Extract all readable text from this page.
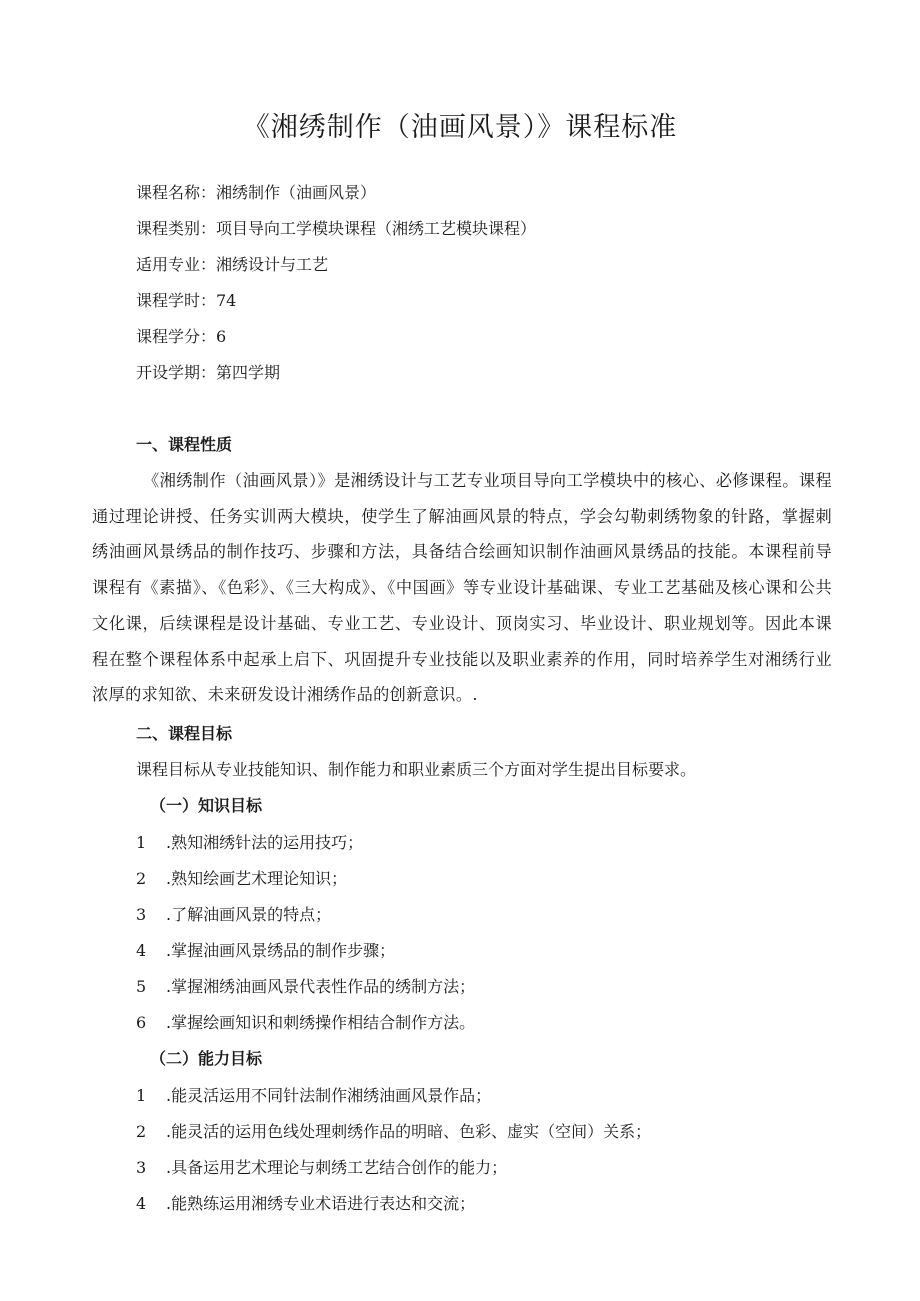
《湘绣制作（油画风景）》课程标准
课程名称：湘绣制作（油画风景）
课程类别：项目导向工学模块课程（湘绣工艺模块课程）
适用专业：湘绣设计与工艺
课程学时：74
课程学分：6
开设学期：第四学期
一、课程性质
《湘绣制作（油画风景）》是湘绣设计与工艺专业项目导向工学模块中的核心、必修课程。课程通过理论讲授、任务实训两大模块，使学生了解油画风景的特点，学会勾勒刺绣物象的针路，掌握刺绣油画风景绣品的制作技巧、步骤和方法，具备结合绘画知识制作油画风景绣品的技能。本课程前导课程有《素描》、《色彩》、《三大构成》、《中国画》等专业设计基础课、专业工艺基础及核心课和公共文化课，后续课程是设计基础、专业工艺、专业设计、顶岗实习、毕业设计、职业规划等。因此本课程在整个课程体系中起承上启下、巩固提升专业技能以及职业素养的作用，同时培养学生对湘绣行业浓厚的求知欲、未来研发设计湘绣作品的创新意识。.
二、课程目标
课程目标从专业技能知识、制作能力和职业素质三个方面对学生提出目标要求。
（一）知识目标
1 .熟知湘绣针法的运用技巧；
2 .熟知绘画艺术理论知识；
3 .了解油画风景的特点；
4 .掌握油画风景绣品的制作步骤；
5 .掌握湘绣油画风景代表性作品的绣制方法；
6 .掌握绘画知识和刺绣操作相结合制作方法。
（二）能力目标
1 .能灵活运用不同针法制作湘绣油画风景作品；
2 .能灵活的运用色线处理刺绣作品的明暗、色彩、虚实（空间）关系；
3 .具备运用艺术理论与刺绣工艺结合创作的能力；
4 .能熟练运用湘绣专业术语进行表达和交流；
